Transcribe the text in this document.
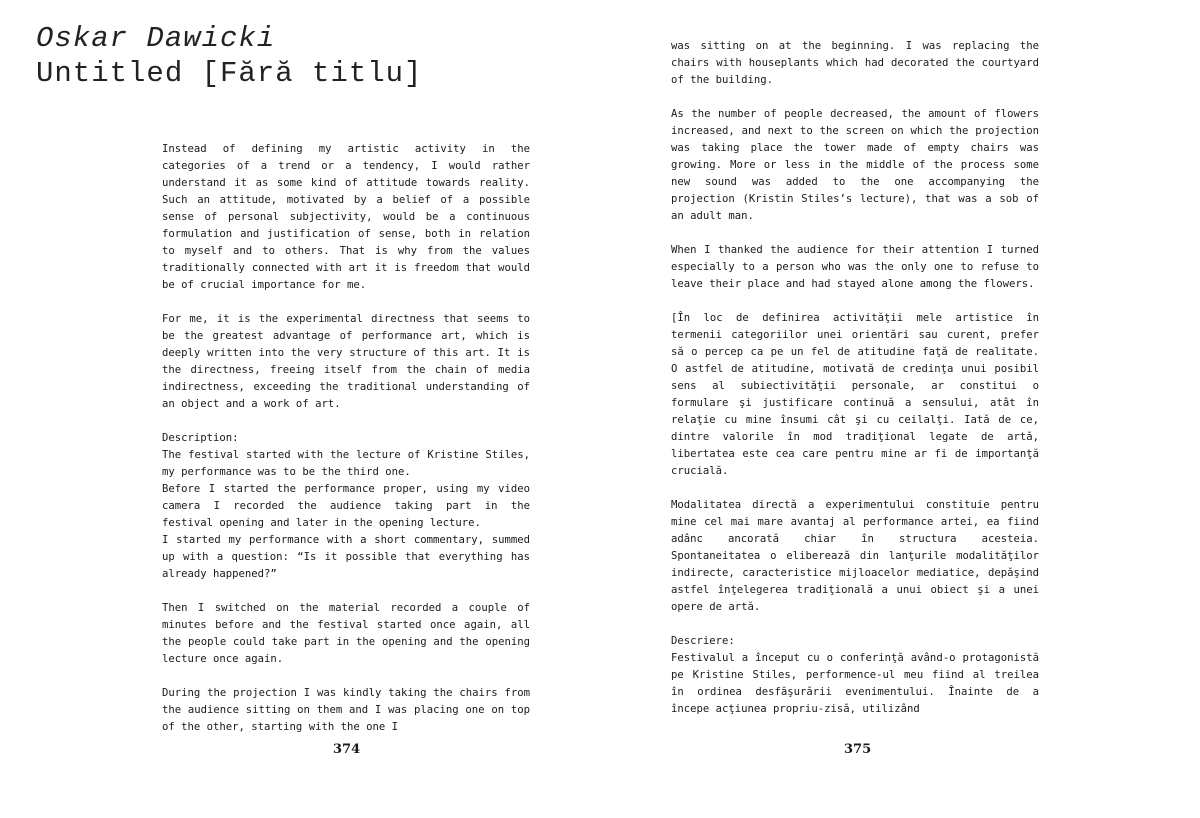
Oskar Dawicki
Untitled [Fără titlu]

Instead of defining my artistic activity in the categories of a trend or a tendency, I would rather understand it as some kind of attitude towards reality. Such an attitude, motivated by a belief of a possible sense of personal subjectivity, would be a continuous formulation and justification of sense, both in relation to myself and to others. That is why from the values traditionally connected with art it is freedom that would be of crucial importance for me.

For me, it is the experimental directness that seems to be the greatest advantage of performance art, which is deeply written into the very structure of this art. It is the directness, freeing itself from the chain of media indirectness, exceeding the traditional understanding of an object and a work of art.

Description:
The festival started with the lecture of Kristine Stiles, my performance was to be the third one.
Before I started the performance proper, using my video camera I recorded the audience taking part in the festival opening and later in the opening lecture.
I started my performance with a short commentary, summed up with a question: “Is it possible that everything has already happened?”

Then I switched on the material recorded a couple of minutes before and the festival started once again, all the people could take part in the opening and the opening lecture once again.

During the projection I was kindly taking the chairs from the audience sitting on them and I was placing one on top of the other, starting with the one I

374

was sitting on at the beginning. I was replacing the chairs with houseplants which had decorated the courtyard of the building.

As the number of people decreased, the amount of flowers increased, and next to the screen on which the projection was taking place the tower made of empty chairs was growing. More or less in the middle of the process some new sound was added to the one accompanying the projection (Kristin Stiles’s lecture), that was a sob of an adult man.

When I thanked the audience for their attention I turned especially to a person who was the only one to refuse to leave their place and had stayed alone among the flowers.

[În loc de definirea activităţii mele artistice în termenii categoriilor unei orientări sau curent, prefer să o percep ca pe un fel de atitudine faţă de realitate. O astfel de atitudine, motivată de credinţa unui posibil sens al subiectivităţii personale, ar constitui o formulare şi justificare continuă a sensului, atât în relaţie cu mine însumi cât şi cu ceilalţi. Iată de ce, dintre valorile în mod tradiţional legate de artă, libertatea este cea care pentru mine ar fi de importanţă crucială.

Modalitatea directă a experimentului constituie pentru mine cel mai mare avantaj al performance artei, ea fiind adânc ancorată chiar în structura acesteia. Spontaneitatea o eliberează din lanţurile modalităţilor indirecte, caracteristice mijloacelor mediatice, depăşind astfel înţelegerea tradiţională a unui obiect şi a unei opere de artă.

Descriere:
Festivalul a început cu o conferinţă având-o protagonistă pe Kristine Stiles, performence-ul meu fiind al treilea în ordinea desfăşurării evenimentului. Înainte de a începe acţiunea propriu-zisă, utilizând
375
